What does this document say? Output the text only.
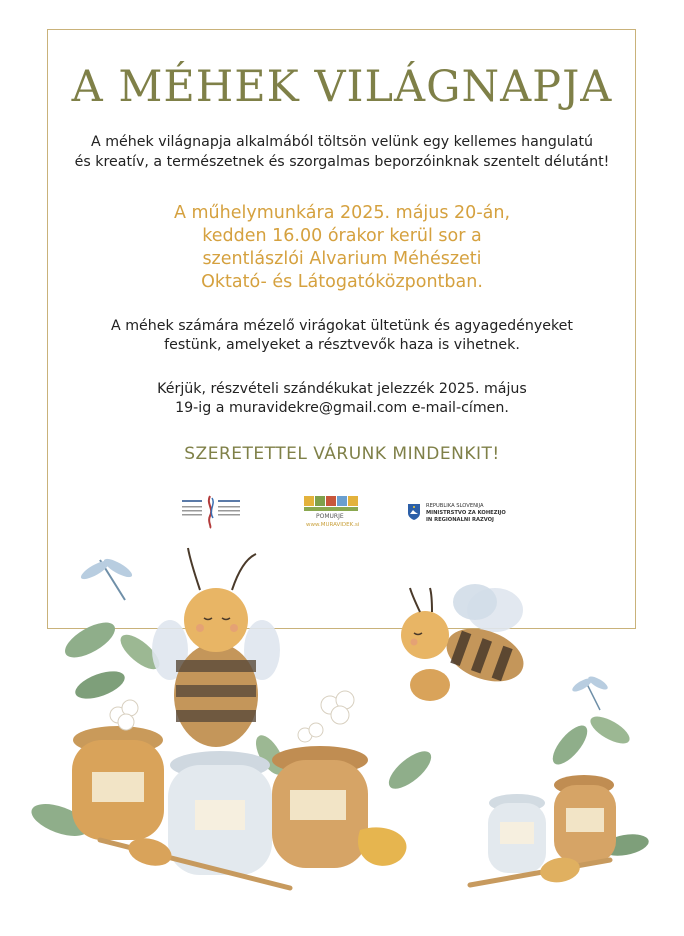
A MÉHEK VILÁGNAPJA
A méhek világnapja alkalmából töltsön velünk egy kellemes hangulatú
és kreatív, a természetnek és szorgalmas beporzóinknak szentelt délutánt!
A műhelymunkára 2025. május 20-án,
kedden 16.00 órakor kerül sor a
szentlászlói Alvarium Méhészeti
Oktató- és Látogatóközpontban.
A méhek számára mézelő virágokat ültetünk és agyagedényeket
festünk, amelyeket a résztvevők haza is vihetnek.
Kérjük, részvételi szándékukat jelezzék 2025. május
19-ig a muravidekre@gmail.com e-mail-címen.
SZERETETTEL VÁRUNK MINDENKIT!
POMURJE
www.MURAVIDEK.si
REPUBLIKA SLOVENIJA
MINISTRSTVO ZA KOHEZIJO
IN REGIONALNI RAZVOJ
